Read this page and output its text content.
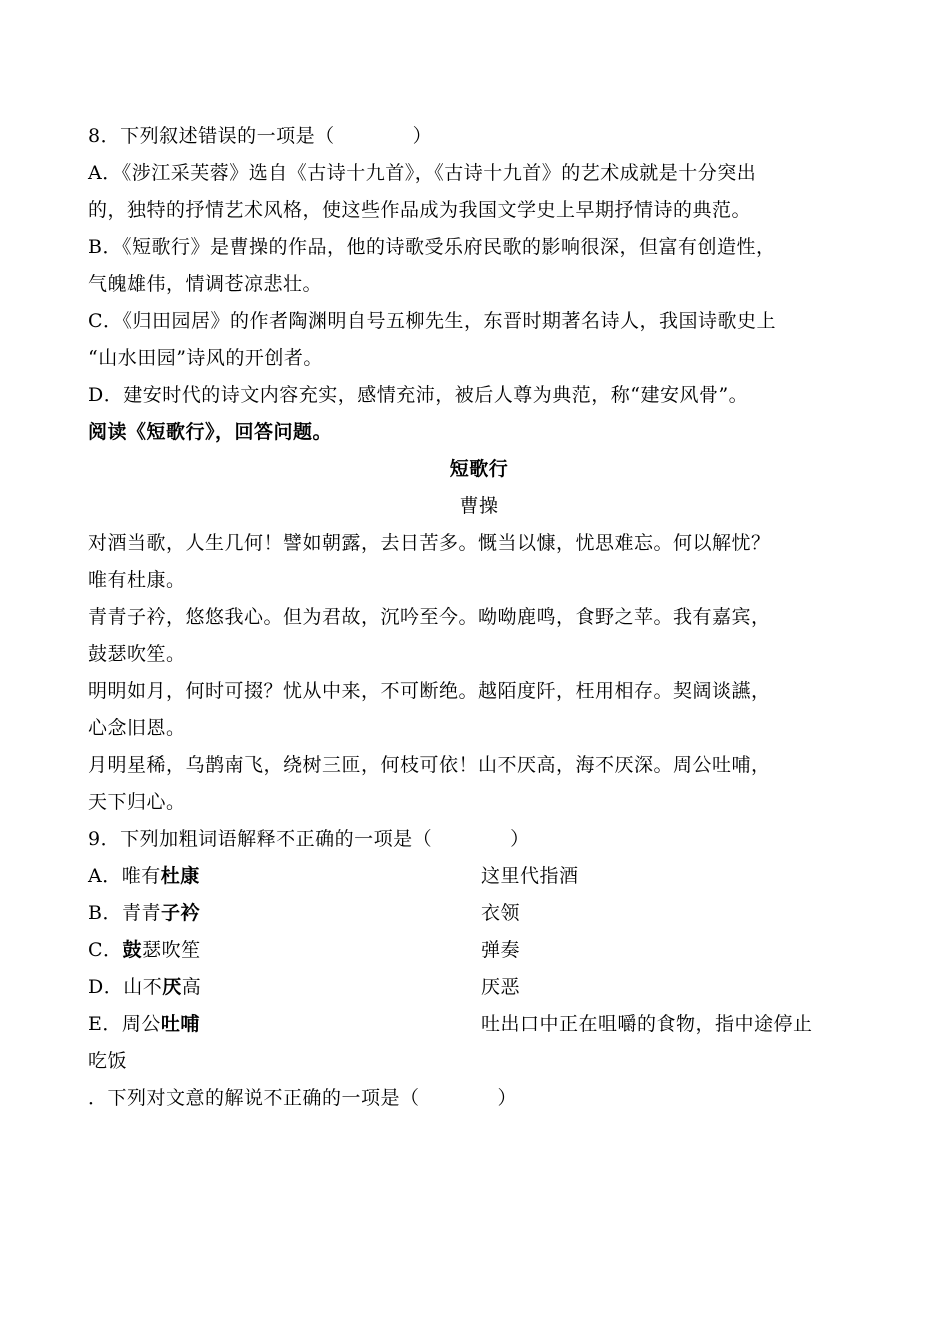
8．下列叙述错误的一项是（　　　　）
A．《涉江采芙蓉》选自《古诗十九首》，《古诗十九首》的艺术成就是十分突出
的，独特的抒情艺术风格，使这些作品成为我国文学史上早期抒情诗的典范。
B．《短歌行》是曹操的作品，他的诗歌受乐府民歌的影响很深，但富有创造性，
气魄雄伟，情调苍凉悲壮。
C．《归田园居》的作者陶渊明自号五柳先生，东晋时期著名诗人，我国诗歌史上
“山水田园”诗风的开创者。
D．建安时代的诗文内容充实，感情充沛，被后人尊为典范，称“建安风骨”。
阅读《短歌行》，回答问题。
短歌行
曹操
对酒当歌，人生几何！譬如朝露，去日苦多。慨当以慷，忧思难忘。何以解忧？
唯有杜康。
青青子衿，悠悠我心。但为君故，沉吟至今。呦呦鹿鸣，食野之苹。我有嘉宾，
鼓瑟吹笙。
明明如月，何时可掇？忧从中来，不可断绝。越陌度阡，枉用相存。契阔谈讌，
心念旧恩。
月明星稀，乌鹊南飞，绕树三匝，何枝可依！山不厌高，海不厌深。周公吐哺，
天下归心。
9．下列加粗词语解释不正确的一项是（　　　　）
A．唯有杜康	这里代指酒
B．青青子衿	衣领
C．鼓瑟吹笙	弹奏
D．山不厌高	厌恶
E．周公吐哺	吐出口中正在咀嚼的食物，指中途停止
吃饭
．下列对文意的解说不正确的一项是（　　　　）
